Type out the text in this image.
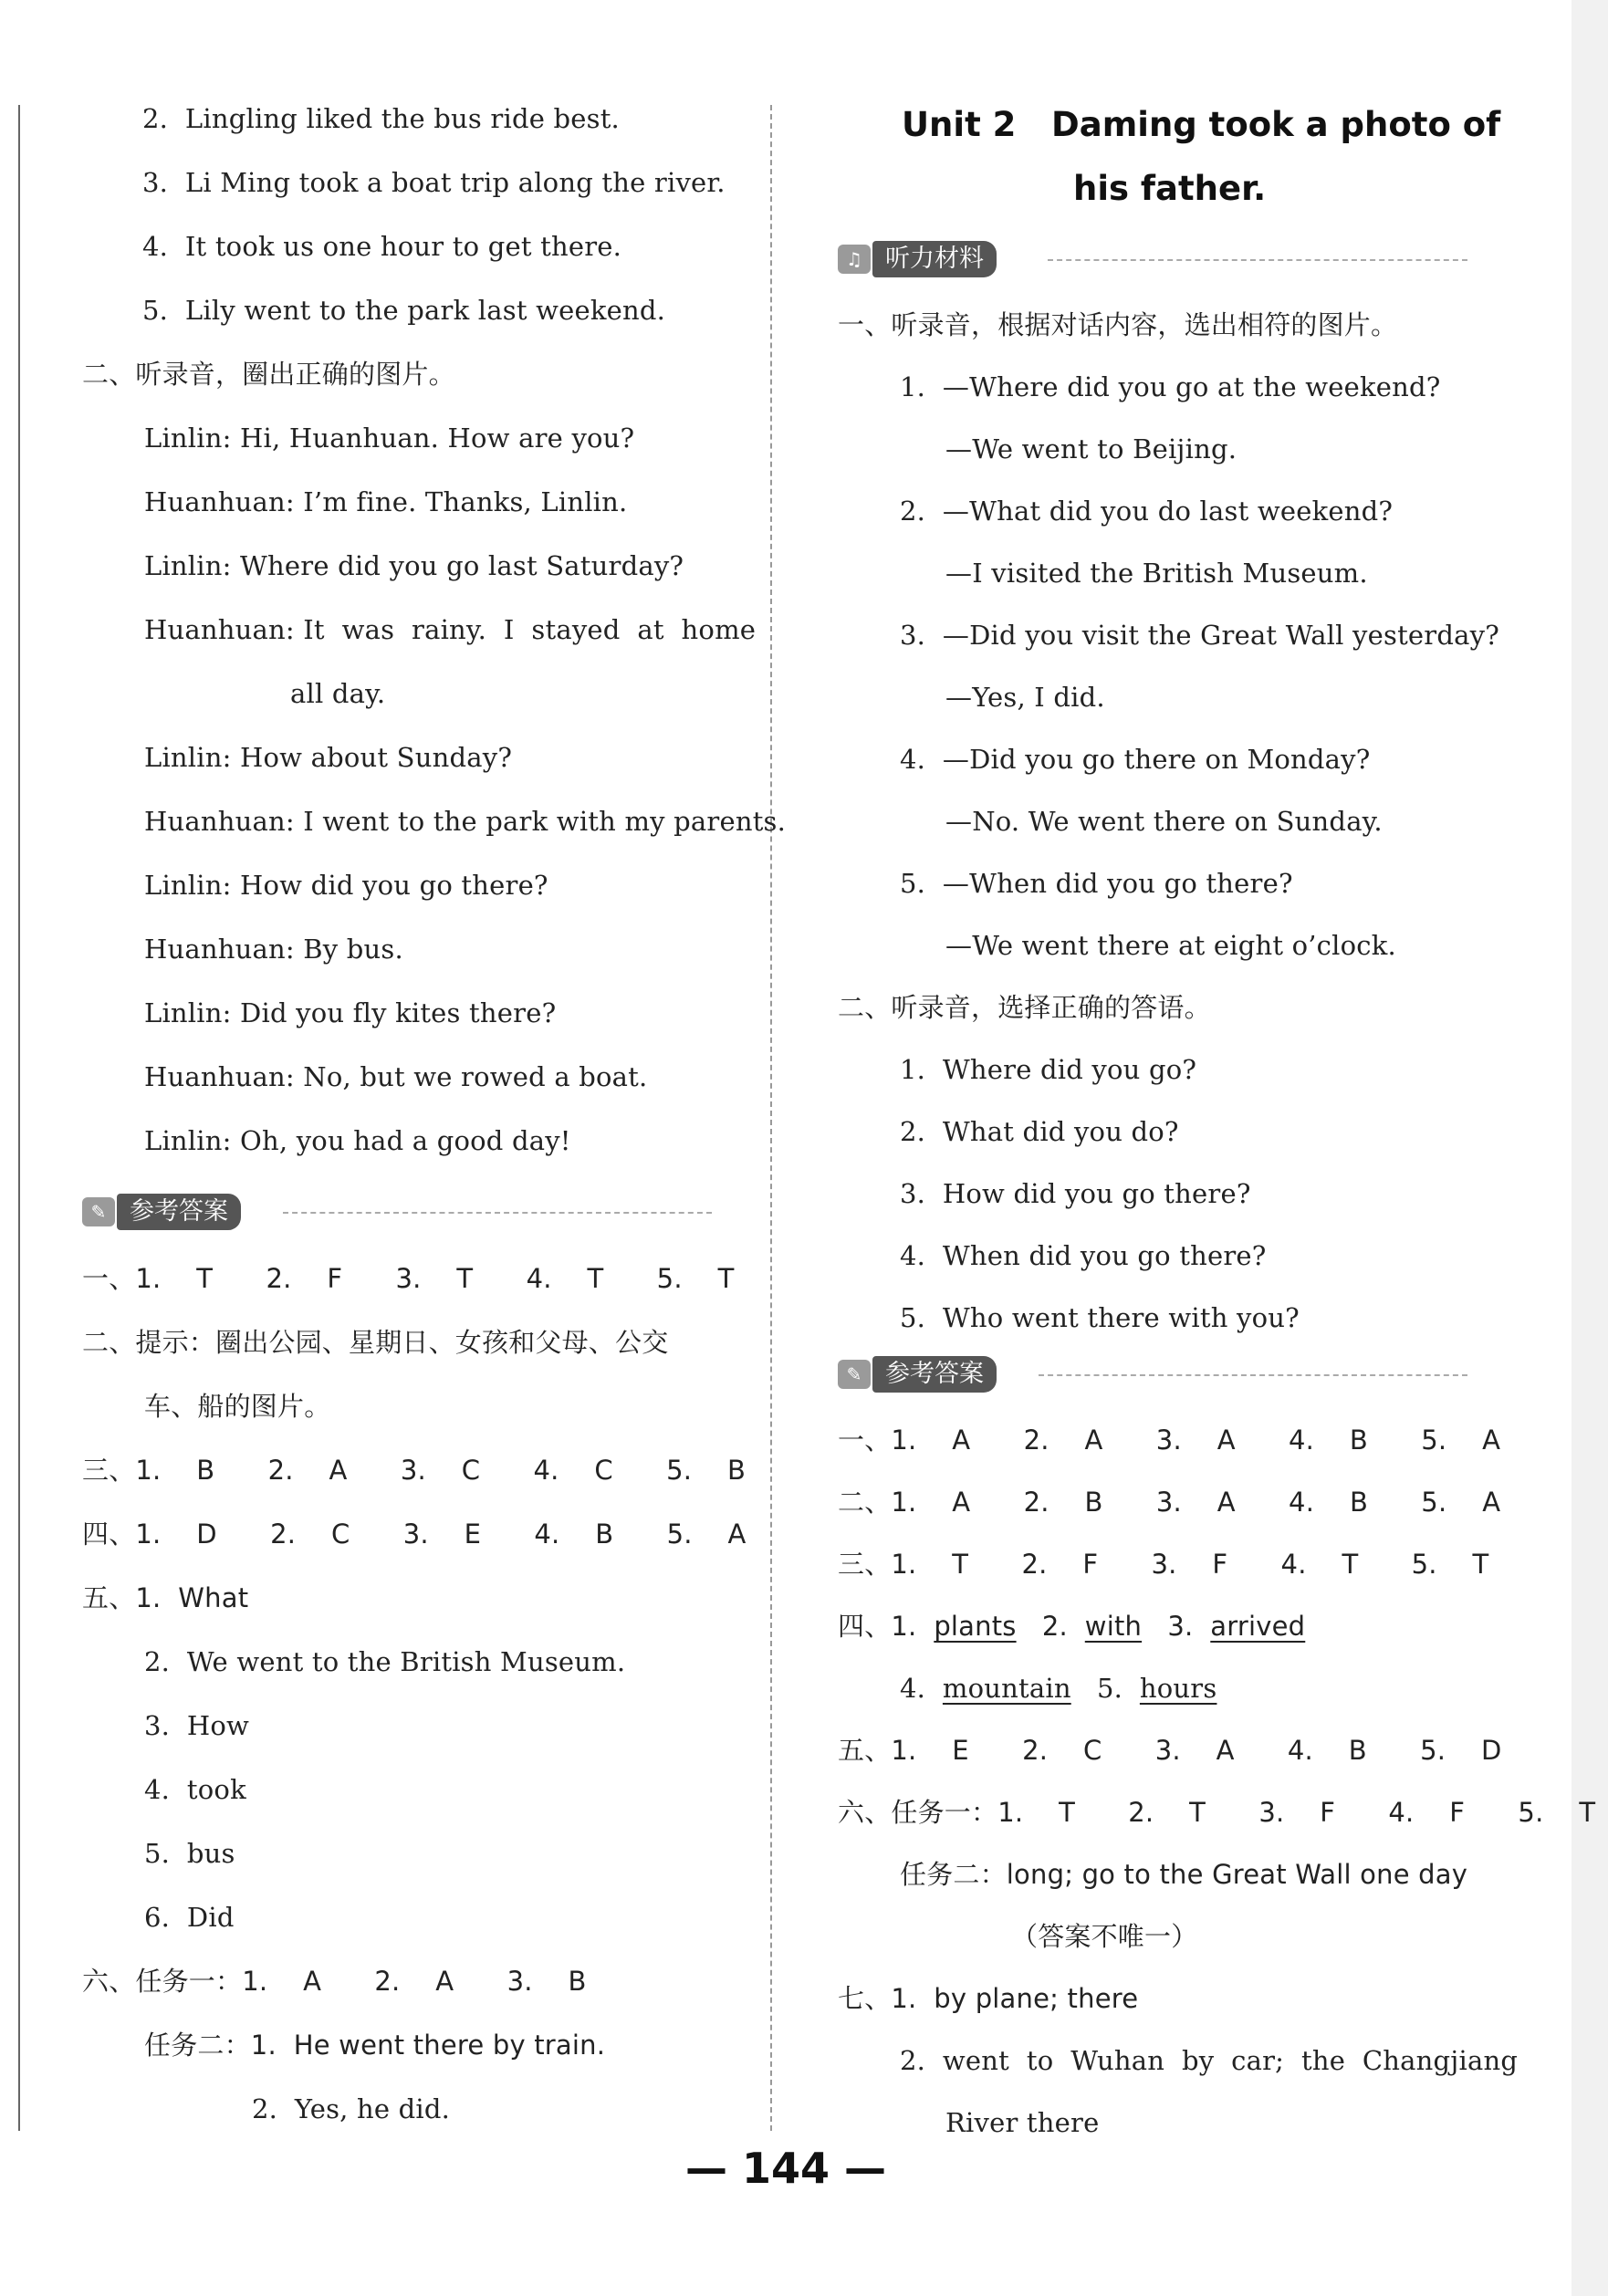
2.  Lingling liked the bus ride best.
3.  Li Ming took a boat trip along the river.
4.  It took us one hour to get there.
5.  Lily went to the park last weekend.
二、听录音，圈出正确的图片。
Linlin: Hi, Huanhuan. How are you?
Huanhuan: I’m fine. Thanks, Linlin.
Linlin: Where did you go last Saturday?
Huanhuan: It  was  rainy.  I  stayed  at  home
all day.
Linlin: How about Sunday?
Huanhuan: I went to the park with my parents.
Linlin: How did you go there?
Huanhuan: By bus.
Linlin: Did you fly kites there?
Huanhuan: No, but we rowed a boat.
Linlin: Oh, you had a good day!
✎ 参考答案
一、1.  T   2.  F   3.  T   4.  T   5.  T
二、提示：圈出公园、星期日、女孩和父母、公交
车、船的图片。
三、1.  B   2.  A   3.  C   4.  C   5.  B
四、1.  D   2.  C   3.  E   4.  B   5.  A
五、1.  What
2.  We went to the British Museum.
3.  How
4.  took
5.  bus
6.  Did
六、任务一：1.  A   2.  A   3.  B
任务二：1.  He went there by train.
2.  Yes, he did.
Unit 2   Daming took a photo of
his father.
♫ 听力材料
一、听录音，根据对话内容，选出相符的图片。
1.  —Where did you go at the weekend?
—We went to Beijing.
2.  —What did you do last weekend?
—I visited the British Museum.
3.  —Did you visit the Great Wall yesterday?
—Yes, I did.
4.  —Did you go there on Monday?
—No. We went there on Sunday.
5.  —When did you go there?
—We went there at eight o’clock.
二、听录音，选择正确的答语。
1.  Where did you go?
2.  What did you do?
3.  How did you go there?
4.  When did you go there?
5.  Who went there with you?
✎ 参考答案
一、1.  A   2.  A   3.  A   4.  B   5.  A
二、1.  A   2.  B   3.  A   4.  B   5.  A
三、1.  T   2.  F   3.  F   4.  T   5.  T
四、1.  plants   2.  with   3.  arrived
4.  mountain   5.  hours
五、1.  E   2.  C   3.  A   4.  B   5.  D
六、任务一：1.  T   2.  T   3.  F   4.  F   5.  T
任务二：long; go to the Great Wall one day
（答案不唯一）
七、1.  by plane; there
2.  went  to  Wuhan  by  car;  the  Changjiang
River there
— 144 —
